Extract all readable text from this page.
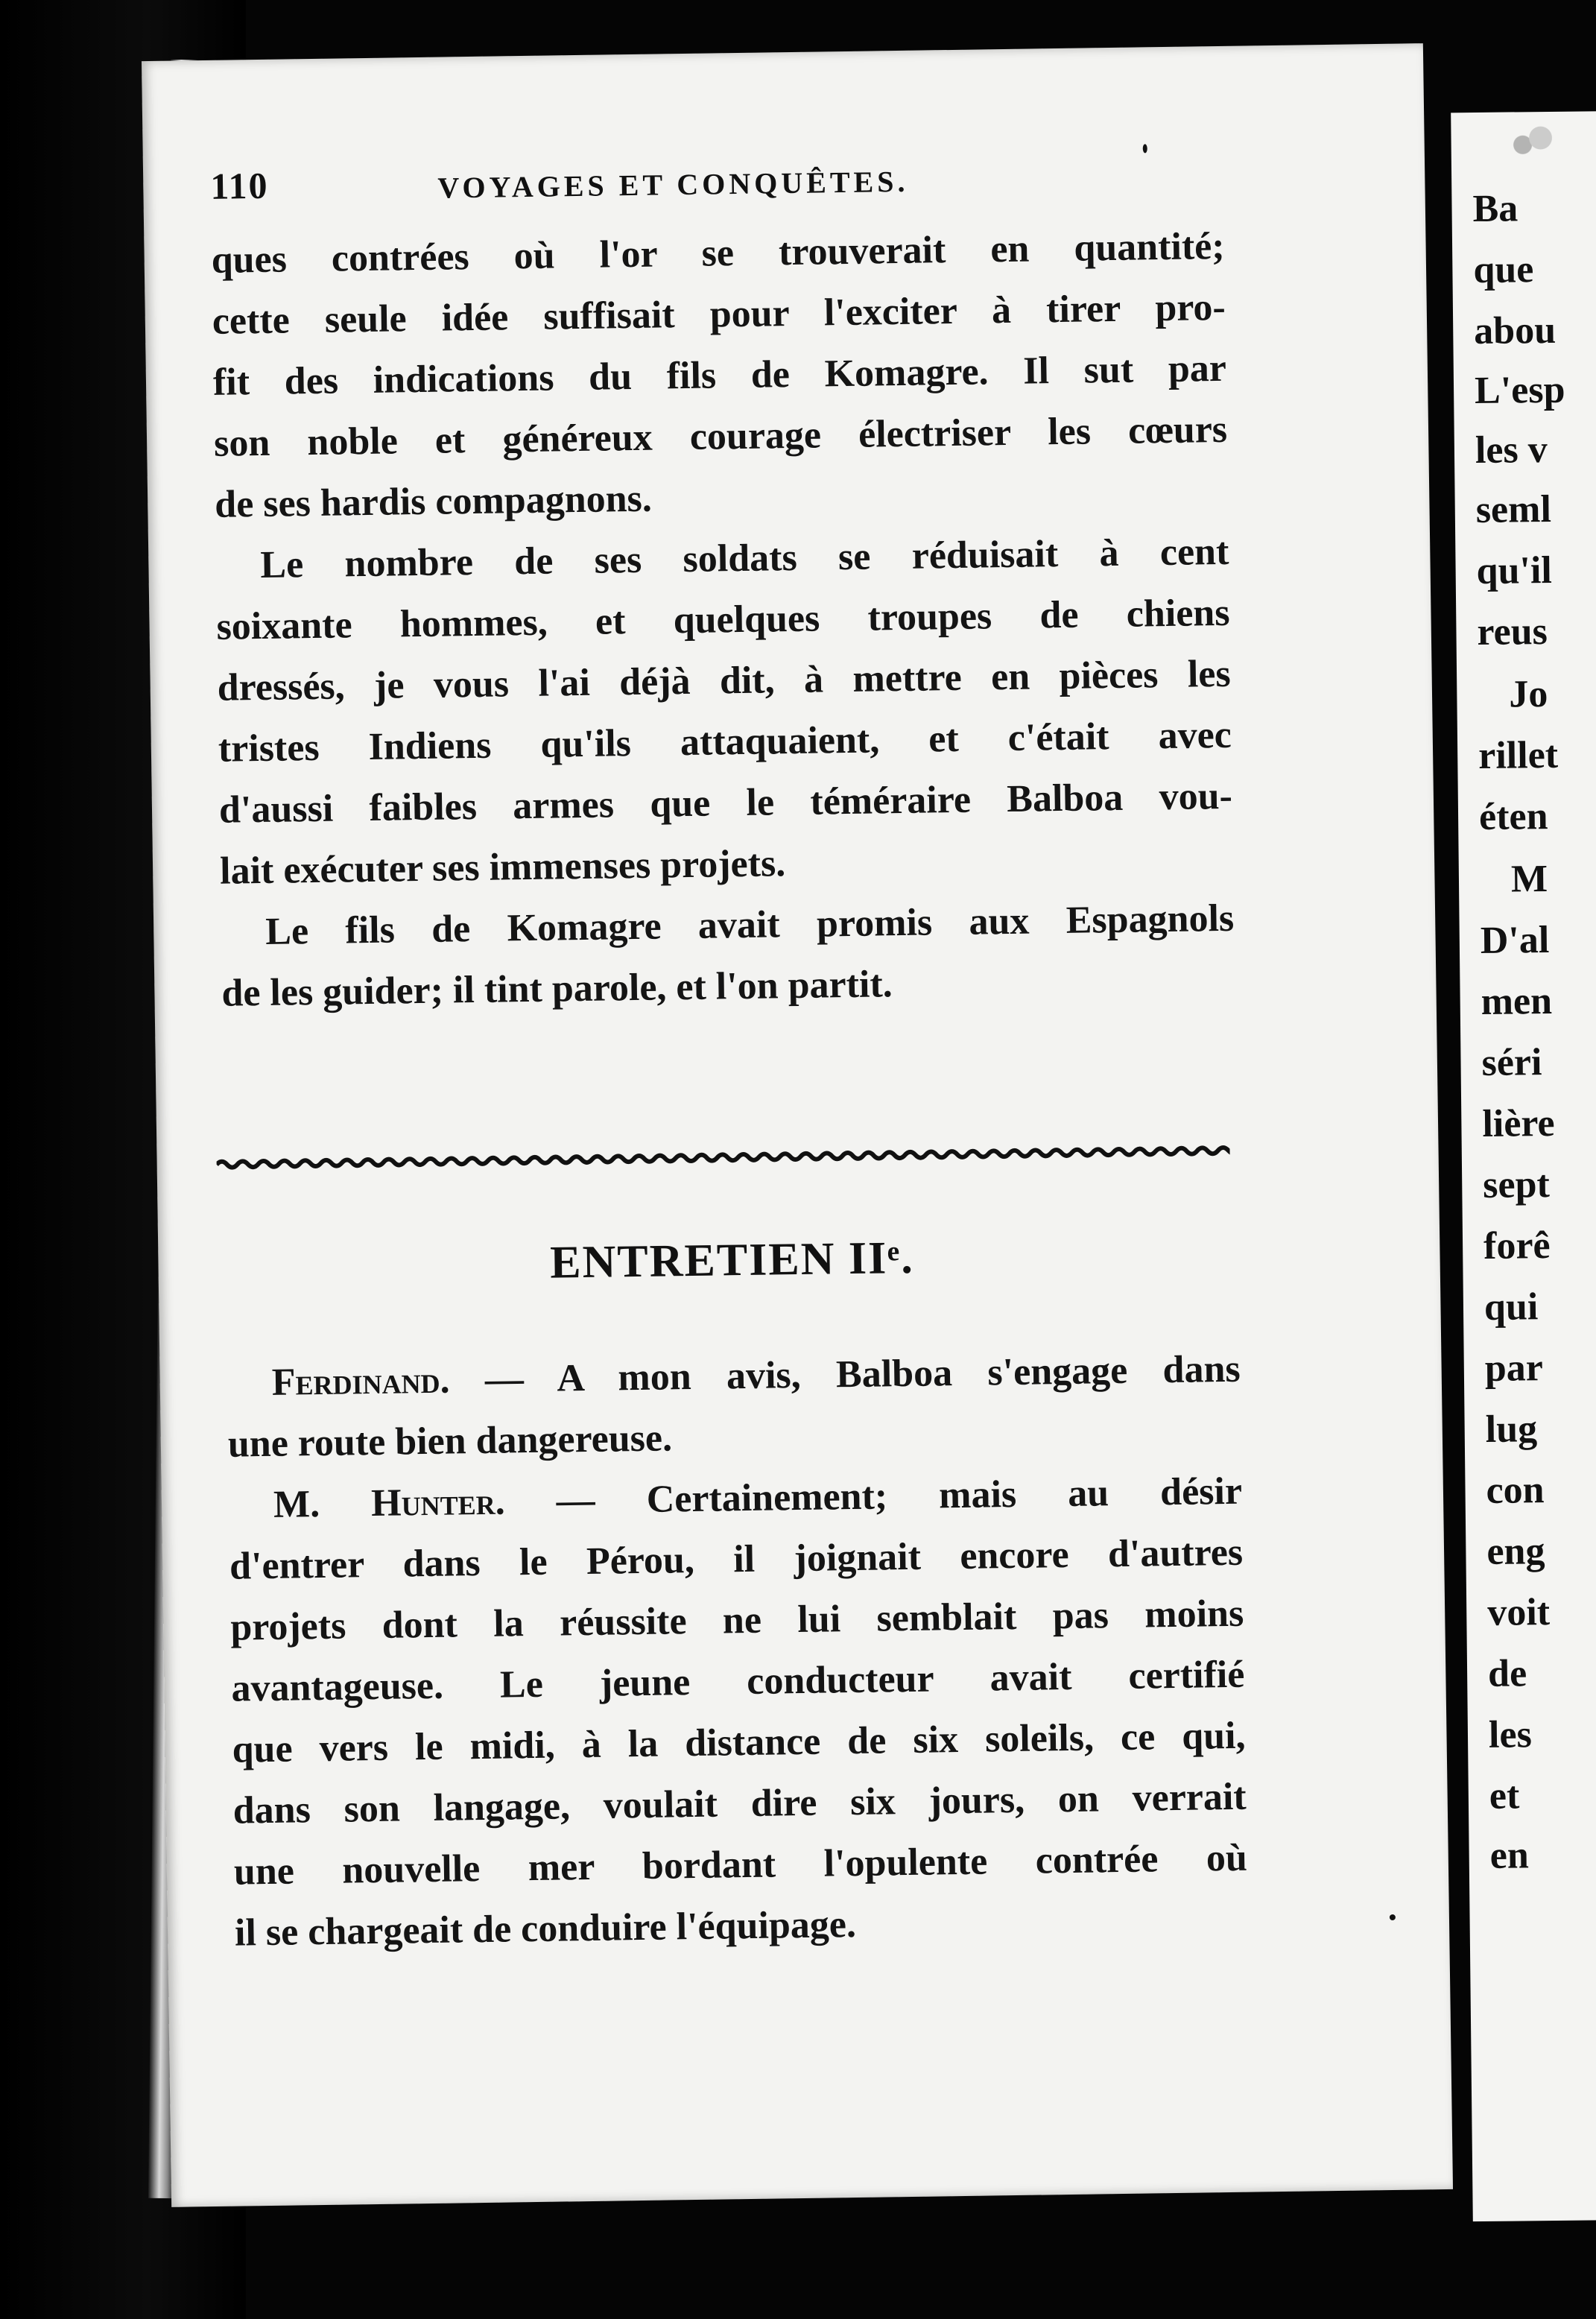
110	VOYAGES ET CONQUÊTES.
ques contrées où l'or se trouverait en quantité;
cette seule idée suffisait pour l'exciter à tirer pro-
fit des indications du fils de Komagre. Il sut par
son noble et généreux courage électriser les cœurs
de ses hardis compagnons.
Le nombre de ses soldats se réduisait à cent
soixante hommes, et quelques troupes de chiens
dressés, je vous l'ai déjà dit, à mettre en pièces les
tristes Indiens qu'ils attaquaient, et c'était avec
d'aussi faibles armes que le téméraire Balboa vou-
lait exécuter ses immenses projets.
Le fils de Komagre avait promis aux Espagnols
de les guider; il tint parole, et l'on partit.
ENTRETIEN IIᵉ.
Ferdinand. — A mon avis, Balboa s'engage dans
une route bien dangereuse.
M. Hunter. — Certainement; mais au désir
d'entrer dans le Pérou, il joignait encore d'autres
projets dont la réussite ne lui semblait pas moins
avantageuse. Le jeune conducteur avait certifié
que vers le midi, à la distance de six soleils, ce qui,
dans son langage, voulait dire six jours, on verrait
une nouvelle mer bordant l'opulente contrée où
il se chargeait de conduire l'équipage.
Ba
que
abou
L'esp
les v
seml
qu'il
reus
Jo
rillet
éten
M
D'al
men
séri
lière
sept
forê
qui
par
lug
con
eng
voit
de
les
et
en
